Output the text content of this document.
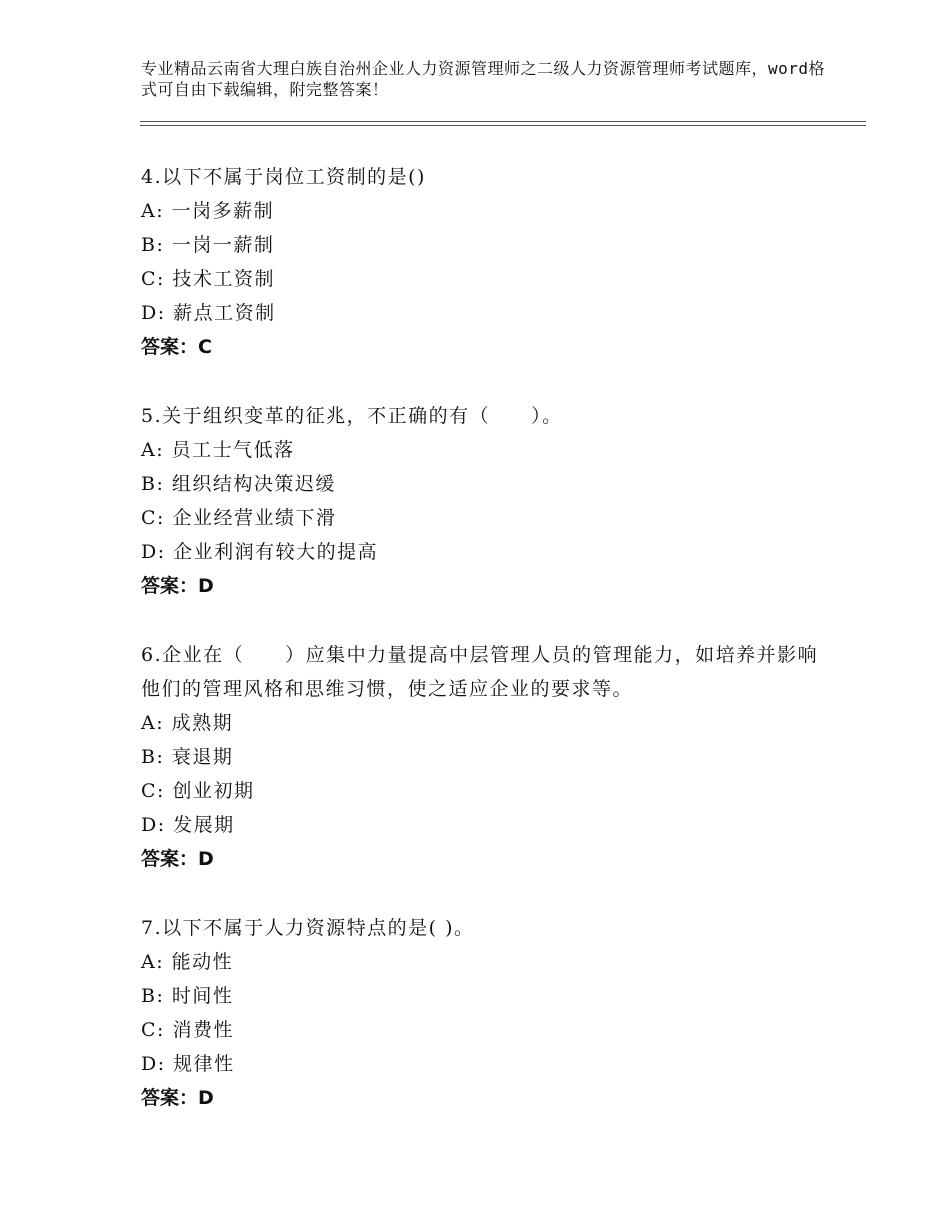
专业精品云南省大理白族自治州企业人力资源管理师之二级人力资源管理师考试题库，word格式可自由下载编辑，附完整答案！

4.以下不属于岗位工资制的是()

A: 一岗多薪制

B: 一岗一薪制

C: 技术工资制

D: 薪点工资制

答案：C

5.关于组织变革的征兆，不正确的有（　　）。

A: 员工士气低落

B: 组织结构决策迟缓

C: 企业经营业绩下滑

D: 企业利润有较大的提高

答案：D

6.企业在（　　）应集中力量提高中层管理人员的管理能力，如培养并影响他们的管理风格和思维习惯，使之适应企业的要求等。

A: 成熟期

B: 衰退期

C: 创业初期

D: 发展期

答案：D

7.以下不属于人力资源特点的是( )。

A: 能动性

B: 时间性

C: 消费性

D: 规律性

答案：D
